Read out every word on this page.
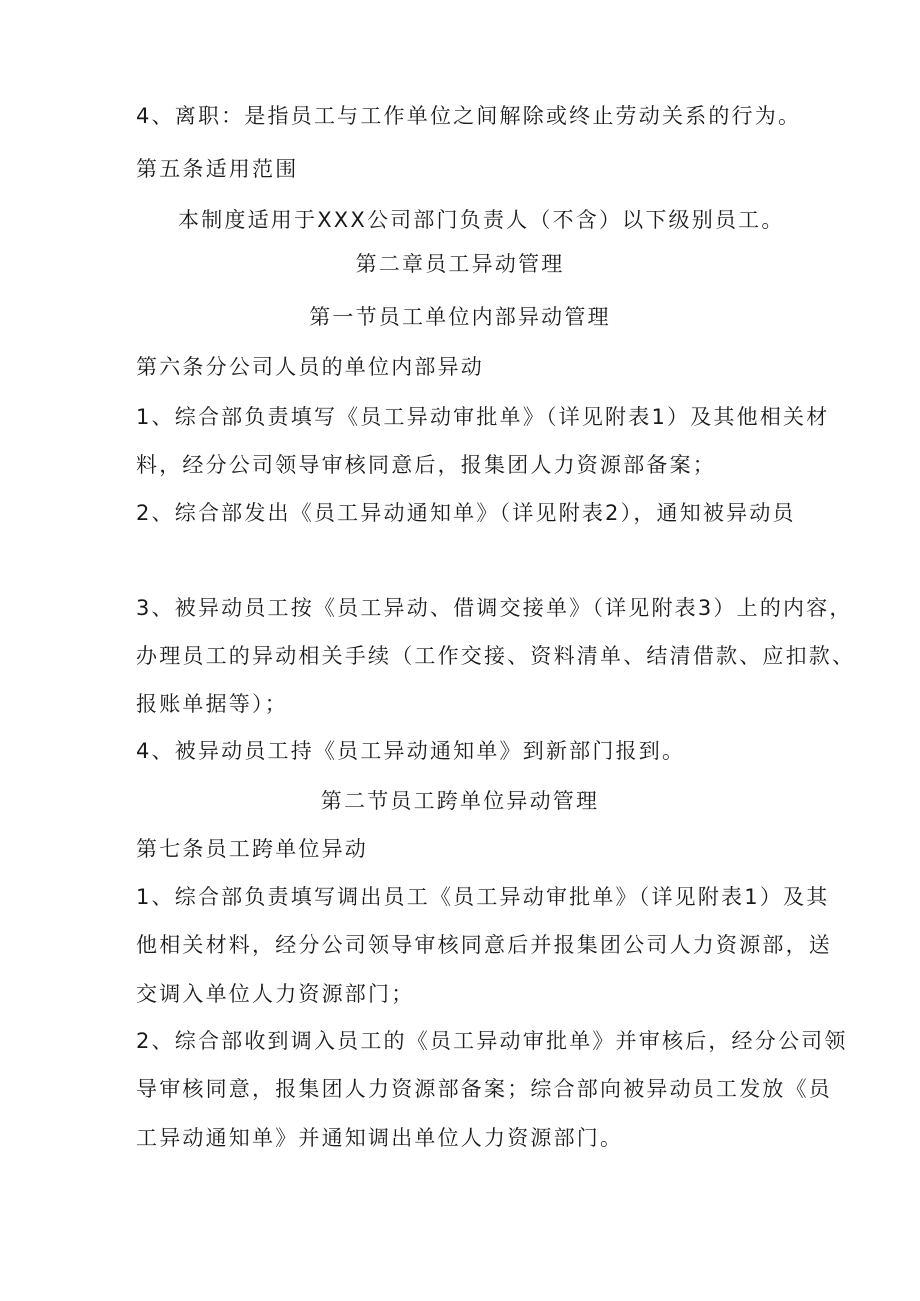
4、离职：是指员工与工作单位之间解除或终止劳动关系的行为。
第五条适用范围
本制度适用于XXX公司部门负责人（不含）以下级别员工。
第二章员工异动管理
第一节员工单位内部异动管理
第六条分公司人员的单位内部异动
1、综合部负责填写《员工异动审批单》（详见附表1）及其他相关材
料，经分公司领导审核同意后，报集团人力资源部备案；
2、综合部发出《员工异动通知单》（详见附表2），通知被异动员
3、被异动员工按《员工异动、借调交接单》（详见附表3）上的内容，
办理员工的异动相关手续（工作交接、资料清单、结清借款、应扣款、
报账单据等）；
4、被异动员工持《员工异动通知单》到新部门报到。
第二节员工跨单位异动管理
第七条员工跨单位异动
1、综合部负责填写调出员工《员工异动审批单》（详见附表1）及其
他相关材料，经分公司领导审核同意后并报集团公司人力资源部，送
交调入单位人力资源部门；
2、综合部收到调入员工的《员工异动审批单》并审核后，经分公司领
导审核同意，报集团人力资源部备案；综合部向被异动员工发放《员
工异动通知单》并通知调出单位人力资源部门。
